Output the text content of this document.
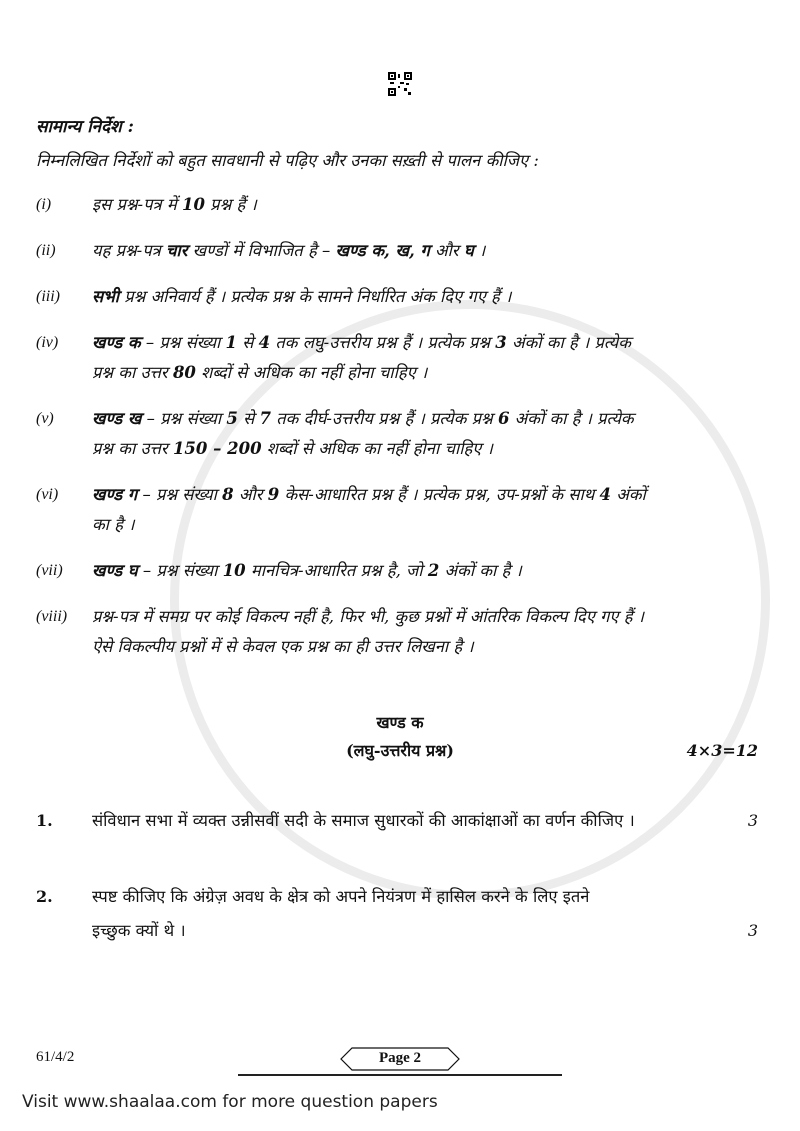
सामान्य निर्देश :
निम्नलिखित निर्देशों को बहुत सावधानी से पढ़िए और उनका सख़्ती से पालन कीजिए :
(i)	इस प्रश्न-पत्र में 10 प्रश्न हैं ।
(ii)	यह प्रश्न-पत्र चार खण्डों में विभाजित है – खण्ड क, ख, ग और घ ।
(iii)	सभी प्रश्न अनिवार्य हैं । प्रत्येक प्रश्न के सामने निर्धारित अंक दिए गए हैं ।
(iv)	खण्ड क – प्रश्न संख्या 1 से 4 तक लघु-उत्तरीय प्रश्न हैं । प्रत्येक प्रश्न 3 अंकों का है । प्रत्येक
प्रश्न का उत्तर 80 शब्दों से अधिक का नहीं होना चाहिए ।
(v)	खण्ड ख – प्रश्न संख्या 5 से 7 तक दीर्घ-उत्तरीय प्रश्न हैं । प्रत्येक प्रश्न 6 अंकों का है । प्रत्येक
प्रश्न का उत्तर 150 – 200 शब्दों से अधिक का नहीं होना चाहिए ।
(vi)	खण्ड ग – प्रश्न संख्या 8 और 9 केस-आधारित प्रश्न हैं । प्रत्येक प्रश्न, उप-प्रश्नों के साथ 4 अंकों
का है ।
(vii)	खण्ड घ – प्रश्न संख्या 10 मानचित्र-आधारित प्रश्न है, जो 2 अंकों का है ।
(viii)	प्रश्न-पत्र में समग्र पर कोई विकल्प नहीं है, फिर भी, कुछ प्रश्नों में आंतरिक विकल्प दिए गए हैं ।
ऐसे विकल्पीय प्रश्नों में से केवल एक प्रश्न का ही उत्तर लिखना है ।
खण्ड क
(लघु-उत्तरीय प्रश्न)	4×3=12
1.	संविधान सभा में व्यक्त उन्नीसवीं सदी के समाज सुधारकों की आकांक्षाओं का वर्णन कीजिए ।	3
2.	स्पष्ट कीजिए कि अंग्रेज़ अवध के क्षेत्र को अपने नियंत्रण में हासिल करने के लिए इतने
इच्छुक क्यों थे ।	3
61/4/2	Page 2
Visit www.shaalaa.com for more question papers
